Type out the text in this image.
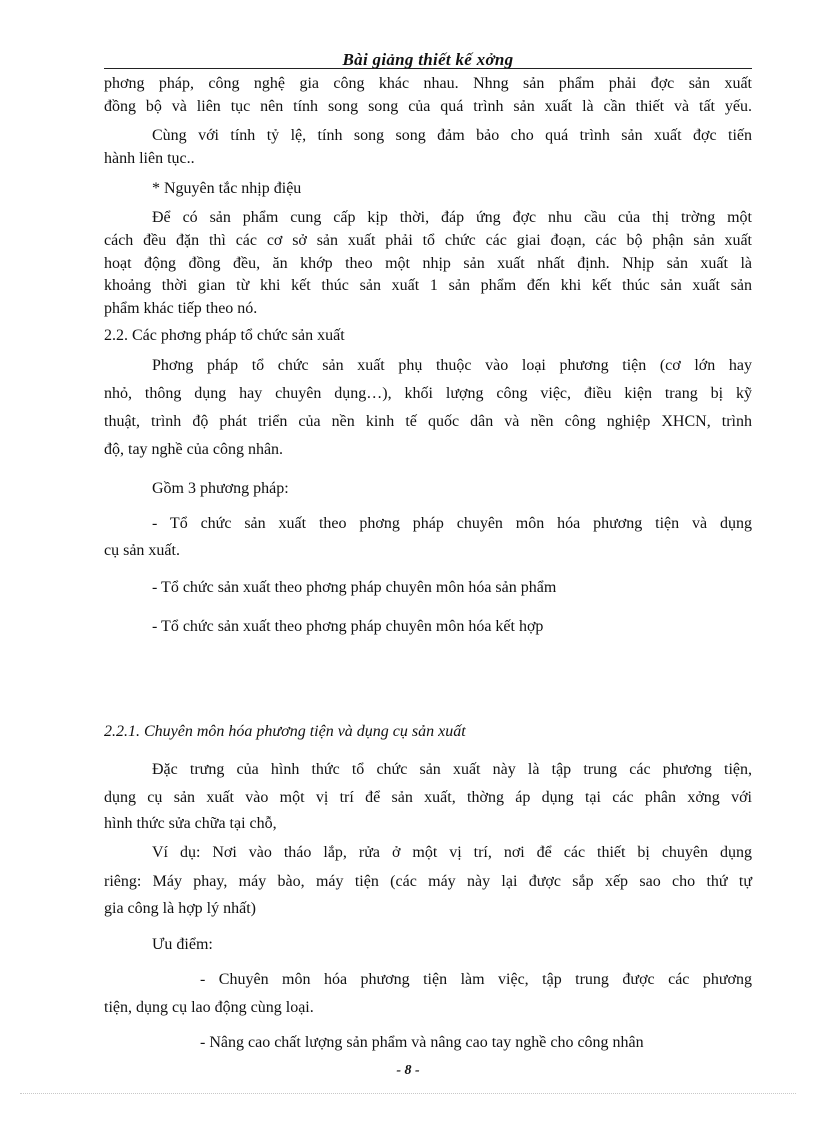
Bài giảng thiết kế xởng
phơng pháp, công nghệ gia công khác nhau. Nhng sản phẩm phải đợc sản xuất
đồng bộ và liên tục nên tính song song của quá trình sản xuất là cần thiết và tất yếu.
Cùng với tính tỷ lệ, tính song song đảm bảo cho quá trình sản xuất đợc tiến
hành liên tục..
* Nguyên tắc nhịp điệu
Để có sản phẩm cung cấp kịp thời, đáp ứng đợc nhu cầu của thị trờng một
cách đều đặn thì các cơ sở sản xuất phải tổ chức các giai đoạn, các bộ phận sản xuất
hoạt động đồng đều, ăn khớp theo một nhịp sản xuất nhất định. Nhịp sản xuất là
khoảng thời gian từ khi kết thúc sản xuất 1 sản phẩm đến khi kết thúc sản xuất sản
phẩm khác tiếp theo nó.
2.2. Các phơng pháp tổ chức sản xuất
Phơng pháp tổ chức sản xuất phụ thuộc vào loại phương tiện (cơ lớn hay
nhỏ, thông dụng hay chuyên dụng…), khối lượng công việc, điều kiện trang bị kỹ
thuật, trình độ phát triển của nền kinh tế quốc dân và nền công nghiệp XHCN, trình
độ, tay nghề của công nhân.
Gồm 3 phương pháp:
- Tổ chức sản xuất theo phơng pháp chuyên môn hóa phương tiện và dụng
cụ sản xuất.
- Tổ chức sản xuất theo phơng pháp chuyên môn hóa sản phẩm
- Tổ chức sản xuất theo phơng pháp chuyên môn hóa kết hợp
2.2.1. Chuyên môn hóa phương tiện và dụng cụ sản xuất
Đặc trưng của hình thức tổ chức sản xuất này là tập trung các phương tiện,
dụng cụ sản xuất vào một vị trí để sản xuất, thờng áp dụng tại các phân xởng với
hình thức sửa chữa tại chỗ,
Ví dụ: Nơi vào tháo lắp, rửa ở một vị trí, nơi để các thiết bị chuyên dụng
riêng: Máy phay, máy bào, máy tiện (các máy này lại được sắp xếp sao cho thứ tự
gia công là hợp lý nhất)
Ưu điểm:
- Chuyên môn hóa phương tiện làm việc, tập trung được các phương
tiện, dụng cụ lao động cùng loại.
- Nâng cao chất lượng sản phẩm và nâng cao tay nghề cho công nhân
- 8 -
